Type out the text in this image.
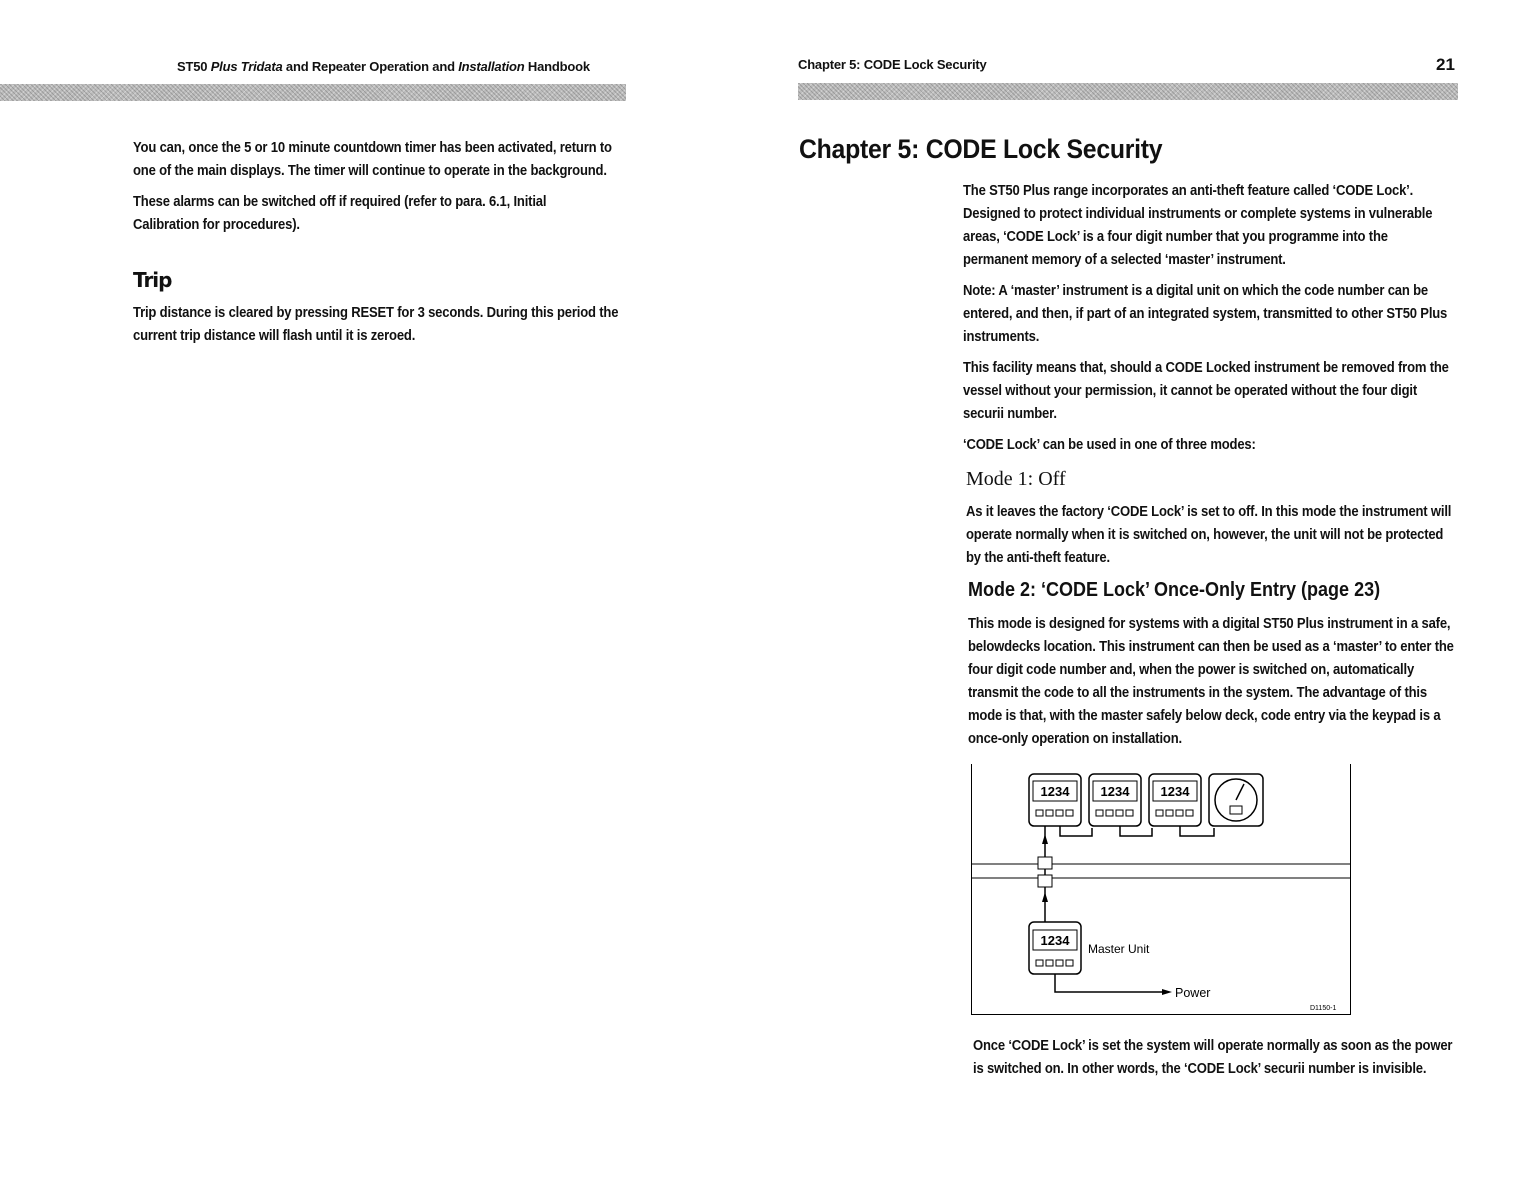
ST50 Plus Tridata and Repeater Operation and Installation Handbook

You can, once the 5 or 10 minute countdown timer has been activated, return to one of the main displays. The timer will continue to operate in the background.

These alarms can be switched off if required (refer to para. 6.1, Initial Calibration for procedures).

Trip

Trip distance is cleared by pressing RESET for 3 seconds. During this period the current trip distance will flash until it is zeroed.

Chapter 5: CODE Lock Security	21
Chapter 5: CODE Lock Security

The ST50 Plus range incorporates an anti-theft feature called ‘CODE Lock’. Designed to protect individual instruments or complete systems in vulnerable areas, ‘CODE Lock’ is a four digit number that you programme into the permanent memory of a selected ‘master’ instrument.

Note: A ‘master’ instrument is a digital unit on which the code number can be entered, and then, if part of an integrated system, transmitted to other ST50 Plus instruments.

This facility means that, should a CODE Locked instrument be removed from the vessel without your permission, it cannot be operated without the four digit securii number.

‘CODE Lock’ can be used in one of three modes:

Mode 1: Off

As it leaves the factory ‘CODE Lock’ is set to off. In this mode the instrument will operate normally when it is switched on, however, the unit will not be protected by the anti-theft feature.

Mode 2: ‘CODE Lock’ Once-Only Entry (page 23)

This mode is designed for systems with a digital ST50 Plus instrument in a safe, belowdecks location. This instrument can then be used as a ‘master’ to enter the four digit code number and, when the power is switched on, automatically transmit the code to all the instruments in the system. The advantage of this mode is that, with the master safely below deck, code entry via the keypad is a once-only operation on installation.

1234 1234 1234
1234
Master Unit
Power
D1150-1

Once ‘CODE Lock’ is set the system will operate normally as soon as the power is switched on. In other words, the ‘CODE Lock’ securii number is invisible.
